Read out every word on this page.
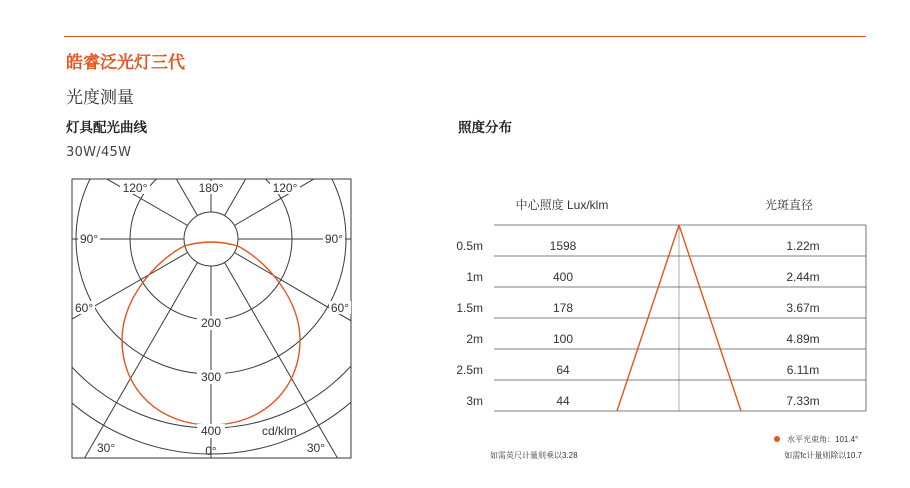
皓睿泛光灯三代
光度测量
灯具配光曲线	照度分布
30W/45W
120°	180°	120°
90°	90°
60°	60°
30°	30°
0°
200
300
400	cd/klm
中心照度 Lux/klm	光斑直径
0.5m	1598	1.22m
1m	400	2.44m
1.5m	178	3.67m
2m	100	4.89m
2.5m	64	6.11m
3m	44	7.33m
水平光束角：101.4°
如需英尺计量则乘以3.28	如需fc计量则除以10.7
